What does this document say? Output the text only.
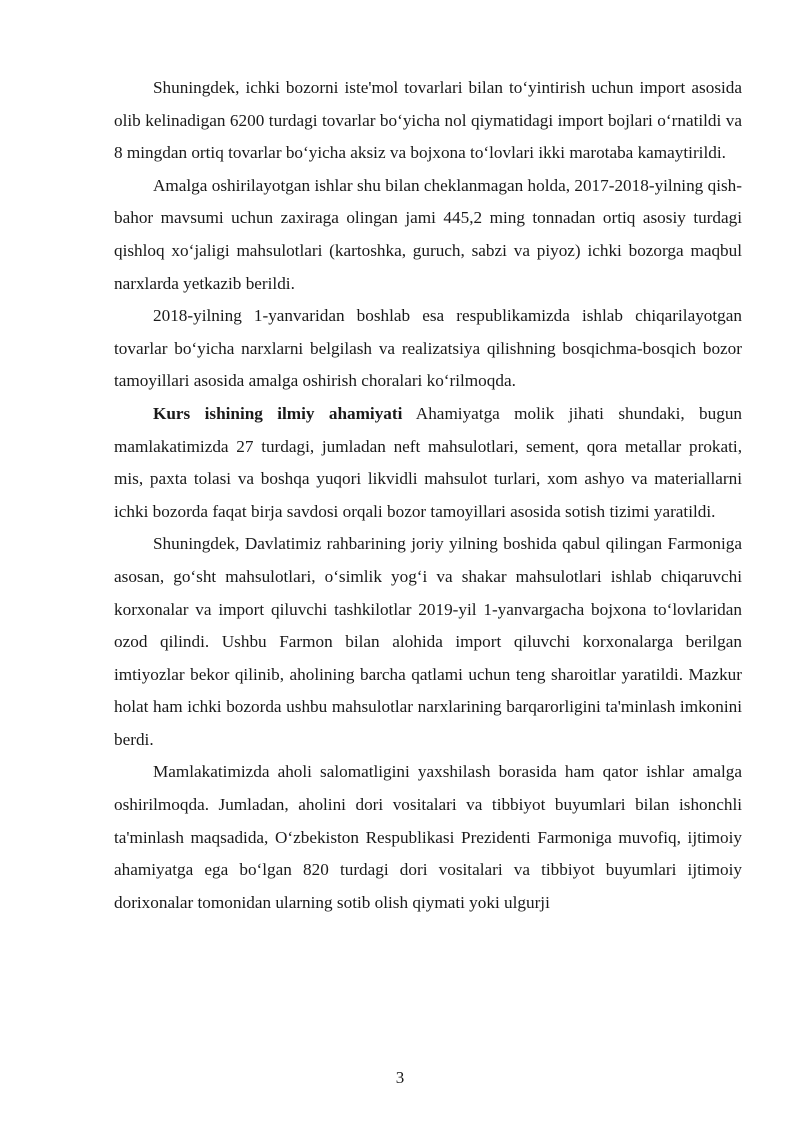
Shuningdek, ichki bozorni iste'mol tovarlari bilan to‘yintirish uchun import asosida olib kelinadigan 6200 turdagi tovarlar bo‘yicha nol qiymatidagi import bojlari o‘rnatildi va 8 mingdan ortiq tovarlar bo‘yicha aksiz va bojxona to‘lovlari ikki marotaba kamaytirildi.

Amalga oshirilayotgan ishlar shu bilan cheklanmagan holda, 2017-2018-yilning qish-bahor mavsumi uchun zaxiraga olingan jami 445,2 ming tonnadan ortiq asosiy turdagi qishloq xo‘jaligi mahsulotlari (kartoshka, guruch, sabzi va piyoz) ichki bozorga maqbul narxlarda yetkazib berildi.

2018-yilning 1-yanvaridan boshlab esa respublikamizda ishlab chiqarilayotgan tovarlar bo‘yicha narxlarni belgilash va realizatsiya qilishning bosqichma-bosqich bozor tamoyillari asosida amalga oshirish choralari ko‘rilmoqda.

Kurs ishining ilmiy ahamiyati Ahamiyatga molik jihati shundaki, bugun mamlakatimizda 27 turdagi, jumladan neft mahsulotlari, sement, qora metallar prokati, mis, paxta tolasi va boshqa yuqori likvidli mahsulot turlari, xom ashyo va materiallarni ichki bozorda faqat birja savdosi orqali bozor tamoyillari asosida sotish tizimi yaratildi.

Shuningdek, Davlatimiz rahbarining joriy yilning boshida qabul qilingan Farmoniga asosan, go‘sht mahsulotlari, o‘simlik yog‘i va shakar mahsulotlari ishlab chiqaruvchi korxonalar va import qiluvchi tashkilotlar 2019-yil 1-yanvargacha bojxona to‘lovlaridan ozod qilindi. Ushbu Farmon bilan alohida import qiluvchi korxonalarga berilgan imtiyozlar bekor qilinib, aholining barcha qatlami uchun teng sharoitlar yaratildi. Mazkur holat ham ichki bozorda ushbu mahsulotlar narxlarining barqarorligini ta'minlash imkonini berdi.

Mamlakatimizda aholi salomatligini yaxshilash borasida ham qator ishlar amalga oshirilmoqda. Jumladan, aholini dori vositalari va tibbiyot buyumlari bilan ishonchli ta'minlash maqsadida, O‘zbekiston Respublikasi Prezidenti Farmoniga muvofiq, ijtimoiy ahamiyatga ega bo‘lgan 820 turdagi dori vositalari va tibbiyot buyumlari ijtimoiy dorixonalar tomonidan ularning sotib olish qiymati yoki ulgurji

3
